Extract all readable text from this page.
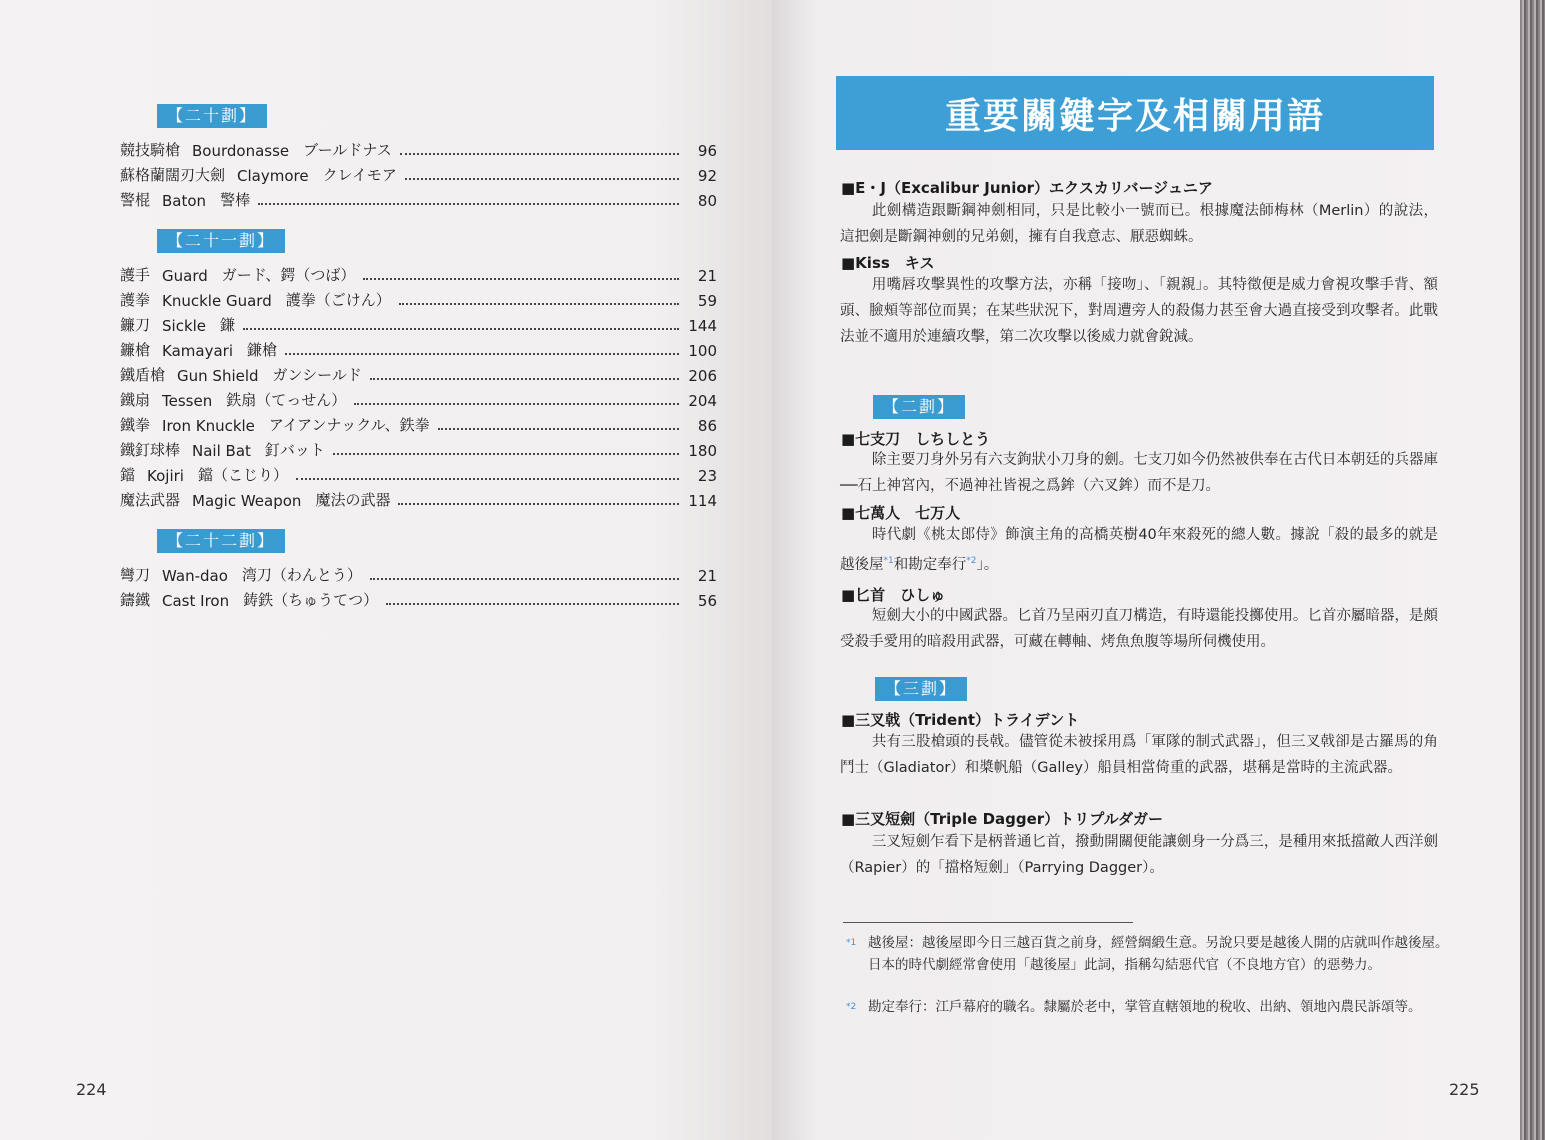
【二十劃】
競技騎槍 Bourdonasse ブールドナス	96
蘇格蘭闊刃大劍 Claymore クレイモア	92
警棍 Baton 警棒	80
【二十一劃】
護手 Guard ガード、鍔（つば）	21
護拳 Knuckle Guard 護拳（ごけん）	59
鐮刀 Sickle 鎌	144
鐮槍 Kamayari 鎌槍	100
鐵盾槍 Gun Shield ガンシールド	206
鐵扇 Tessen 鉄扇（てっせん）	204
鐵拳 Iron Knuckle アイアンナックル、鉄拳	86
鐵釘球棒 Nail Bat 釘バット	180
鐺 Kojiri 鐺（こじり）	23
魔法武器 Magic Weapon 魔法の武器	114
【二十二劃】
彎刀 Wan-dao 湾刀（わんとう）	21
鑄鐵 Cast Iron 鋳鉄（ちゅうてつ）	56
224
重要關鍵字及相關用語
■E・J（Excalibur Junior）エクスカリバージュニア
此劍構造跟斷鋼神劍相同，只是比較小一號而已。根據魔法師梅林（Merlin）的說法，這把劍是斷鋼神劍的兄弟劍，擁有自我意志、厭惡蜘蛛。
■Kiss　キス
用嘴唇攻擊異性的攻擊方法，亦稱「接吻」、「親親」。其特徵便是威力會視攻擊手背、額頭、臉頰等部位而異；在某些狀況下，對周遭旁人的殺傷力甚至會大過直接受到攻擊者。此戰法並不適用於連續攻擊，第二次攻擊以後威力就會銳減。
【二劃】
■七支刀　しちしとう
除主要刀身外另有六支鉤狀小刀身的劍。七支刀如今仍然被供奉在古代日本朝廷的兵器庫──石上神宮內，不過神社皆視之爲鉾（六叉鉾）而不是刀。
■七萬人　七万人
時代劇《桃太郎侍》飾演主角的高橋英樹40年來殺死的總人數。據說「殺的最多的就是越後屋$^{*1}$和勘定奉行$^{*2}$」。
■匕首　ひしゅ
短劍大小的中國武器。匕首乃呈兩刃直刀構造，有時還能投擲使用。匕首亦屬暗器，是頗受殺手愛用的暗殺用武器，可藏在轉軸、烤魚魚腹等場所伺機使用。
【三劃】
■三叉戟（Trident）トライデント
共有三股槍頭的長戟。儘管從未被採用爲「軍隊的制式武器」，但三叉戟卻是古羅馬的角鬥士（Gladiator）和槳帆船（Galley）船員相當倚重的武器，堪稱是當時的主流武器。
■三叉短劍（Triple Dagger）トリプルダガー
三叉短劍乍看下是柄普通匕首，撥動開關便能讓劍身一分爲三，是種用來抵擋敵人西洋劍（Rapier）的「擋格短劍」（Parrying Dagger）。
*1 越後屋：越後屋即今日三越百貨之前身，經營綢緞生意。另說只要是越後人開的店就叫作越後屋。日本的時代劇經常會使用「越後屋」此詞，指稱勾結惡代官（不良地方官）的惡勢力。
*2 勘定奉行：江戶幕府的職名。隸屬於老中，掌管直轄領地的稅收、出納、領地內農民訴頌等。
225
